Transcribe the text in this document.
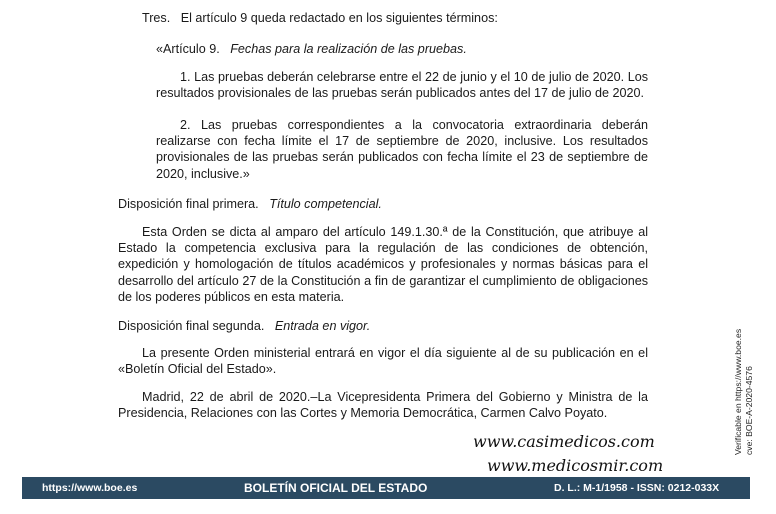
Tres. El artículo 9 queda redactado en los siguientes términos:

«Artículo 9. Fechas para la realización de las pruebas.

1. Las pruebas deberán celebrarse entre el 22 de junio y el 10 de julio de 2020. Los resultados provisionales de las pruebas serán publicados antes del 17 de julio de 2020.

2. Las pruebas correspondientes a la convocatoria extraordinaria deberán realizarse con fecha límite el 17 de septiembre de 2020, inclusive. Los resultados provisionales de las pruebas serán publicados con fecha límite el 23 de septiembre de 2020, inclusive.»

Disposición final primera. Título competencial.

Esta Orden se dicta al amparo del artículo 149.1.30.ª de la Constitución, que atribuye al Estado la competencia exclusiva para la regulación de las condiciones de obtención, expedición y homologación de títulos académicos y profesionales y normas básicas para el desarrollo del artículo 27 de la Constitución a fin de garantizar el cumplimiento de obligaciones de los poderes públicos en esta materia.

Disposición final segunda. Entrada en vigor.

La presente Orden ministerial entrará en vigor el día siguiente al de su publicación en el «Boletín Oficial del Estado».

Madrid, 22 de abril de 2020.–La Vicepresidenta Primera del Gobierno y Ministra de la Presidencia, Relaciones con las Cortes y Memoria Democrática, Carmen Calvo Poyato.

www.casimedicos.com
www.medicosmir.com
Verificable en https://www.boe.es cve: BOE-A-2020-4576
https://www.boe.es	BOLETÍN OFICIAL DEL ESTADO	D. L.: M-1/1958 - ISSN: 0212-033X
